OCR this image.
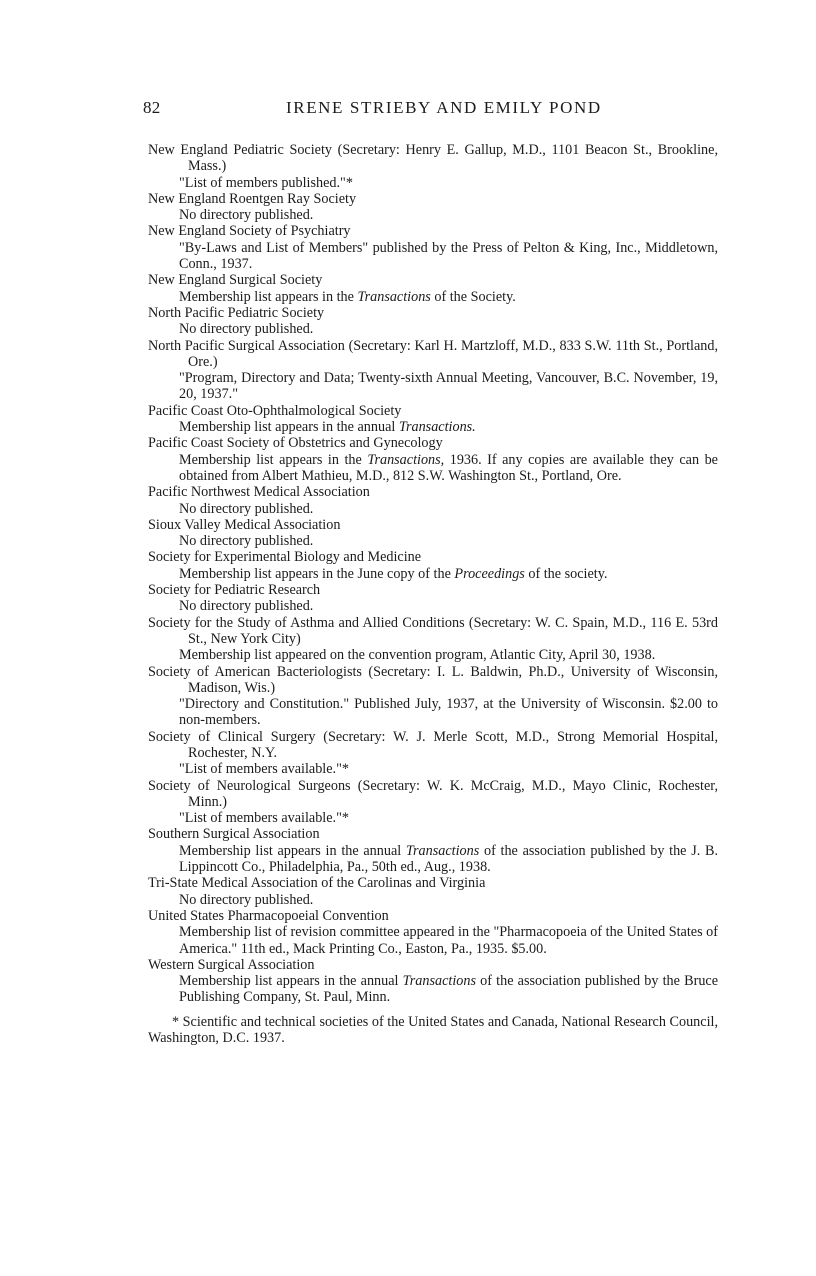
82	IRENE STRIEBY AND EMILY POND
New England Pediatric Society (Secretary: Henry E. Gallup, M.D., 1101 Beacon St., Brookline, Mass.)
"List of members published."*
New England Roentgen Ray Society
No directory published.
New England Society of Psychiatry
"By-Laws and List of Members" published by the Press of Pelton & King, Inc., Middletown, Conn., 1937.
New England Surgical Society
Membership list appears in the Transactions of the Society.
North Pacific Pediatric Society
No directory published.
North Pacific Surgical Association (Secretary: Karl H. Martzloff, M.D., 833 S.W. 11th St., Portland, Ore.)
"Program, Directory and Data; Twenty-sixth Annual Meeting, Vancouver, B.C. November, 19, 20, 1937."
Pacific Coast Oto-Ophthalmological Society
Membership list appears in the annual Transactions.
Pacific Coast Society of Obstetrics and Gynecology
Membership list appears in the Transactions, 1936. If any copies are available they can be obtained from Albert Mathieu, M.D., 812 S.W. Washington St., Portland, Ore.
Pacific Northwest Medical Association
No directory published.
Sioux Valley Medical Association
No directory published.
Society for Experimental Biology and Medicine
Membership list appears in the June copy of the Proceedings of the society.
Society for Pediatric Research
No directory published.
Society for the Study of Asthma and Allied Conditions (Secretary: W. C. Spain, M.D., 116 E. 53rd St., New York City)
Membership list appeared on the convention program, Atlantic City, April 30, 1938.
Society of American Bacteriologists (Secretary: I. L. Baldwin, Ph.D., University of Wisconsin, Madison, Wis.)
"Directory and Constitution." Published July, 1937, at the University of Wisconsin. $2.00 to non-members.
Society of Clinical Surgery (Secretary: W. J. Merle Scott, M.D., Strong Memorial Hospital, Rochester, N.Y.
"List of members available."*
Society of Neurological Surgeons (Secretary: W. K. McCraig, M.D., Mayo Clinic, Rochester, Minn.)
"List of members available."*
Southern Surgical Association
Membership list appears in the annual Transactions of the association published by the J. B. Lippincott Co., Philadelphia, Pa., 50th ed., Aug., 1938.
Tri-State Medical Association of the Carolinas and Virginia
No directory published.
United States Pharmacopoeial Convention
Membership list of revision committee appeared in the "Pharmacopoeia of the United States of America." 11th ed., Mack Printing Co., Easton, Pa., 1935. $5.00.
Western Surgical Association
Membership list appears in the annual Transactions of the association published by the Bruce Publishing Company, St. Paul, Minn.
* Scientific and technical societies of the United States and Canada, National Research Council, Washington, D.C. 1937.
